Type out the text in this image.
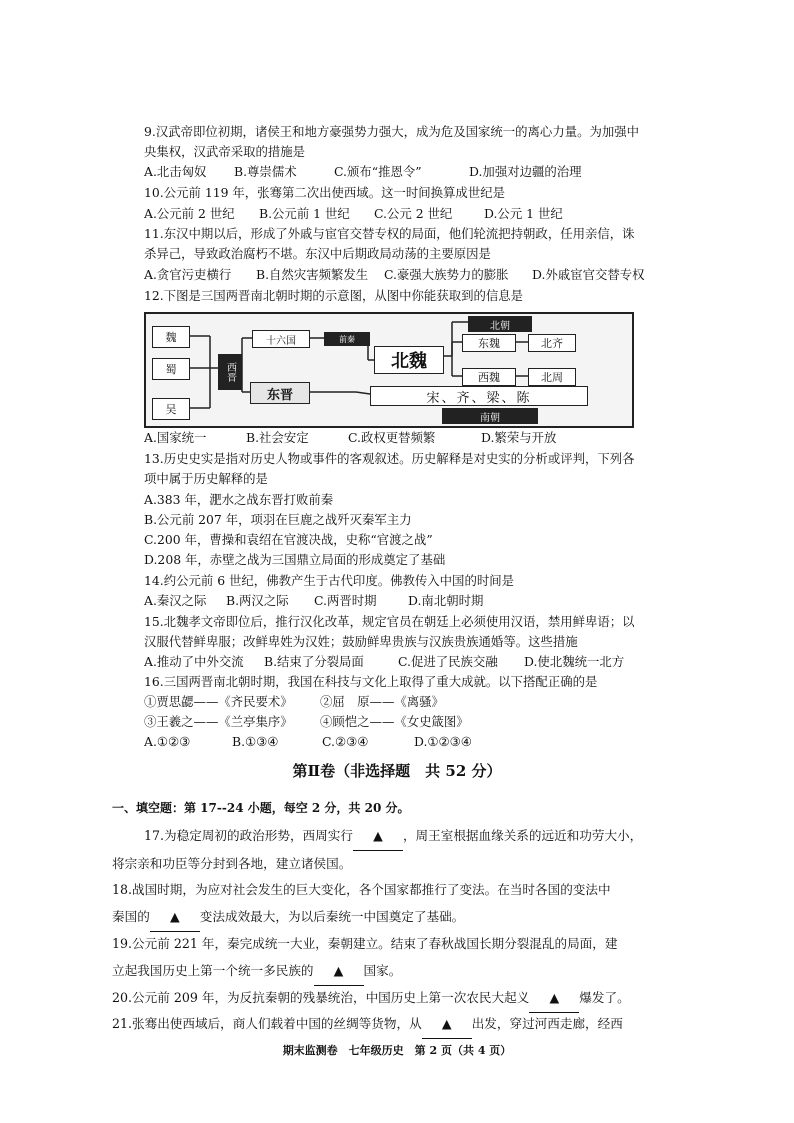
9.汉武帝即位初期，诸侯王和地方豪强势力强大，成为危及国家统一的离心力量。为加强中
央集权，汉武帝采取的措施是
A.北击匈奴	B.尊崇儒术	C.颁布“推恩令”	D.加强对边疆的治理
10.公元前 119 年，张骞第二次出使西域。这一时间换算成世纪是
A.公元前 2 世纪	B.公元前 1 世纪	C.公元 2 世纪	D.公元 1 世纪
11.东汉中期以后，形成了外戚与宦官交替专权的局面，他们轮流把持朝政，任用亲信，诛
杀异己，导致政治腐朽不堪。东汉中后期政局动荡的主要原因是
A.贪官污吏横行	B.自然灾害频繁发生	C.豪强大族势力的膨胀	D.外戚宦官交替专权
12.下图是三国两晋南北朝时期的示意图，从图中你能获取到的信息是
魏
蜀
吴
西晋
十六国	前秦
东晋
北魏
北朝
东魏	北齐
西魏	北周
宋、齐、梁、陈
南朝
A.国家统一	B.社会安定	C.政权更替频繁	D.繁荣与开放
13.历史史实是指对历史人物或事件的客观叙述。历史解释是对史实的分析或评判，下列各
项中属于历史解释的是
A.383 年，淝水之战东晋打败前秦
B.公元前 207 年，项羽在巨鹿之战歼灭秦军主力
C.200 年，曹操和袁绍在官渡决战，史称“官渡之战”
D.208 年，赤壁之战为三国鼎立局面的形成奠定了基础
14.约公元前 6 世纪，佛教产生于古代印度。佛教传入中国的时间是
A.秦汉之际	B.两汉之际	C.两晋时期	D.南北朝时期
15.北魏孝文帝即位后，推行汉化改革，规定官员在朝廷上必须使用汉语，禁用鲜卑语；以
汉服代替鲜卑服；改鲜卑姓为汉姓；鼓励鲜卑贵族与汉族贵族通婚等。这些措施
A.推动了中外交流	B.结束了分裂局面	C.促进了民族交融	D.使北魏统一北方
16.三国两晋南北朝时期，我国在科技与文化上取得了重大成就。以下搭配正确的是
①贾思勰——《齐民要术》	②屈　原——《离骚》
③王羲之——《兰亭集序》	④顾恺之——《女史箴图》
A.①②③	B.①③④	C.②③④	D.①②③④
第Ⅱ卷（非选择题　共 52 分）
一、填空题：第 17--24 小题，每空 2 分，共 20 分。
17.为稳定周初的政治形势，西周实行 ▲ ，周王室根据血缘关系的远近和功劳大小，
将宗亲和功臣等分封到各地，建立诸侯国。
18.战国时期，为应对社会发生的巨大变化，各个国家都推行了变法。在当时各国的变法中
秦国的 ▲ 变法成效最大，为以后秦统一中国奠定了基础。
19.公元前 221 年，秦完成统一大业，秦朝建立。结束了春秋战国长期分裂混乱的局面，建
立起我国历史上第一个统一多民族的 ▲ 国家。
20.公元前 209 年，为反抗秦朝的残暴统治，中国历史上第一次农民大起义 ▲ 爆发了。
21.张骞出使西域后，商人们载着中国的丝绸等货物，从 ▲ 出发，穿过河西走廊，经西
期末监测卷　七年级历史　第 2 页（共 4 页）
